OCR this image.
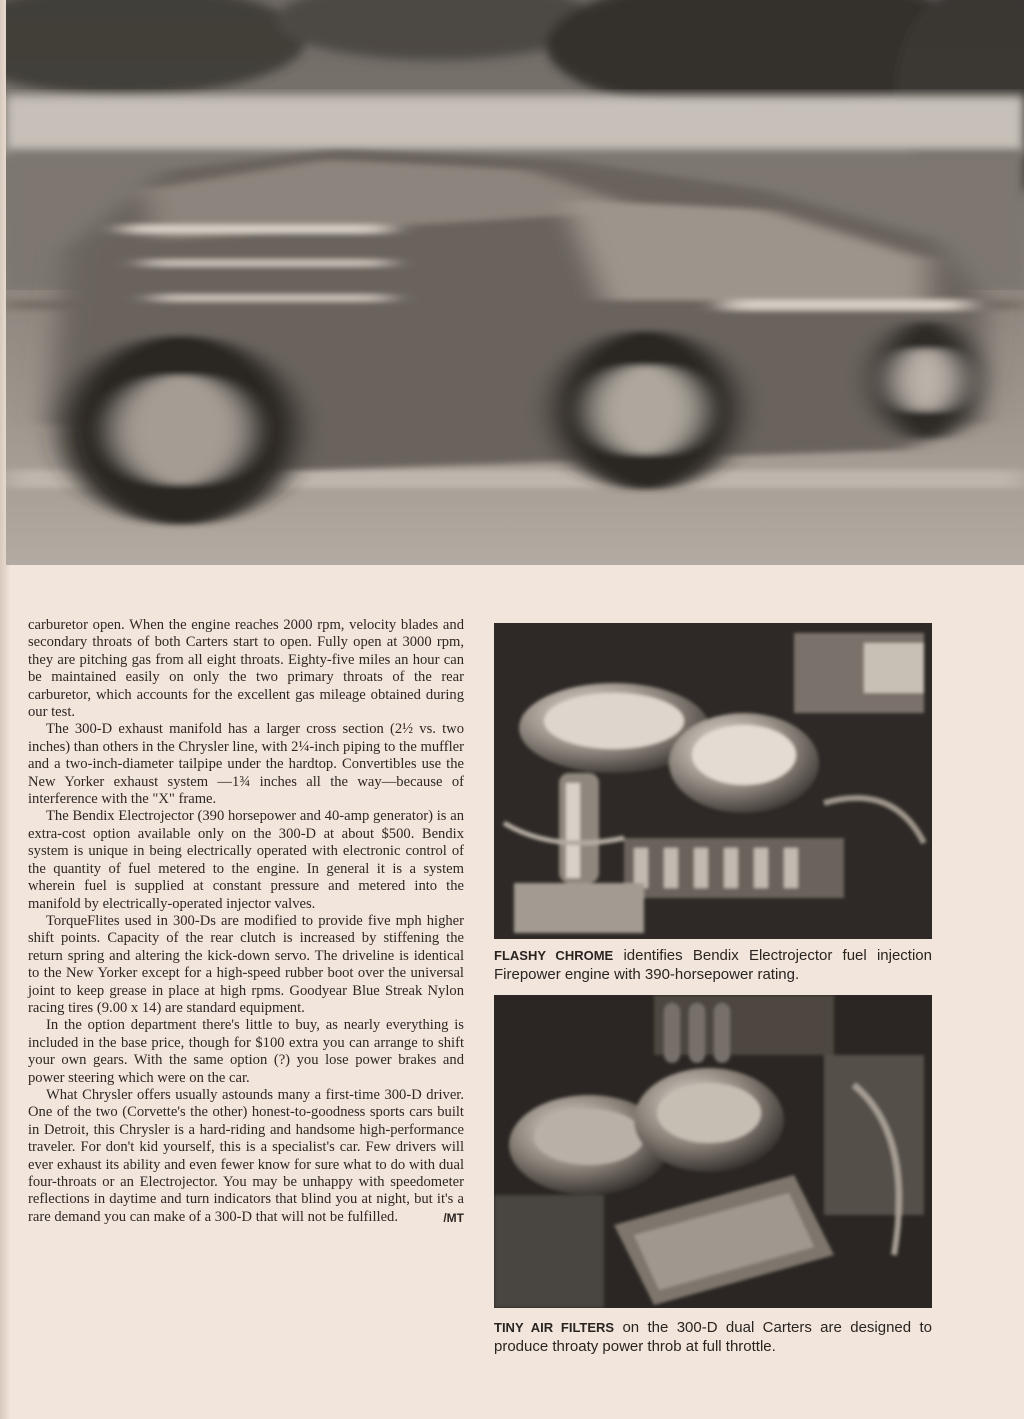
carburetor open. When the engine reaches 2000 rpm, velocity blades and secondary throats of both Carters start to open. Fully open at 3000 rpm, they are pitching gas from all eight throats. Eighty-five miles an hour can be maintained easily on only the two primary throats of the rear carburetor, which accounts for the excellent gas mileage obtained during our test.

The 300-D exhaust manifold has a larger cross section (2½ vs. two inches) than others in the Chrysler line, with 2¼-inch piping to the muffler and a two-inch-diameter tailpipe under the hardtop. Convertibles use the New Yorker exhaust system —1¾ inches all the way—because of interference with the "X" frame.

The Bendix Electrojector (390 horsepower and 40-amp generator) is an extra-cost option available only on the 300-D at about $500. Bendix system is unique in being electrically operated with electronic control of the quantity of fuel metered to the engine. In general it is a system wherein fuel is supplied at constant pressure and metered into the manifold by electrically-operated injector valves.

TorqueFlites used in 300-Ds are modified to provide five mph higher shift points. Capacity of the rear clutch is increased by stiffening the return spring and altering the kick-down servo. The driveline is identical to the New Yorker except for a high-speed rubber boot over the universal joint to keep grease in place at high rpms. Goodyear Blue Streak Nylon racing tires (9.00 x 14) are standard equipment.

In the option department there's little to buy, as nearly everything is included in the base price, though for $100 extra you can arrange to shift your own gears. With the same option (?) you lose power brakes and power steering which were on the car.

What Chrysler offers usually astounds many a first-time 300-D driver. One of the two (Corvette's the other) honest-to-goodness sports cars built in Detroit, this Chrysler is a hard-riding and handsome high-performance traveler. For don't kid yourself, this is a specialist's car. Few drivers will ever exhaust its ability and even fewer know for sure what to do with dual four-throats or an Electrojector. You may be unhappy with speedometer reflections in daytime and turn indicators that blind you at night, but it's a rare demand you can make of a 300-D that will not be fulfilled.	/MT

FLASHY CHROME identifies Bendix Electrojector fuel injection Firepower engine with 390-horsepower rating.
TINY AIR FILTERS on the 300-D dual Carters are designed to produce throaty power throb at full throttle.
